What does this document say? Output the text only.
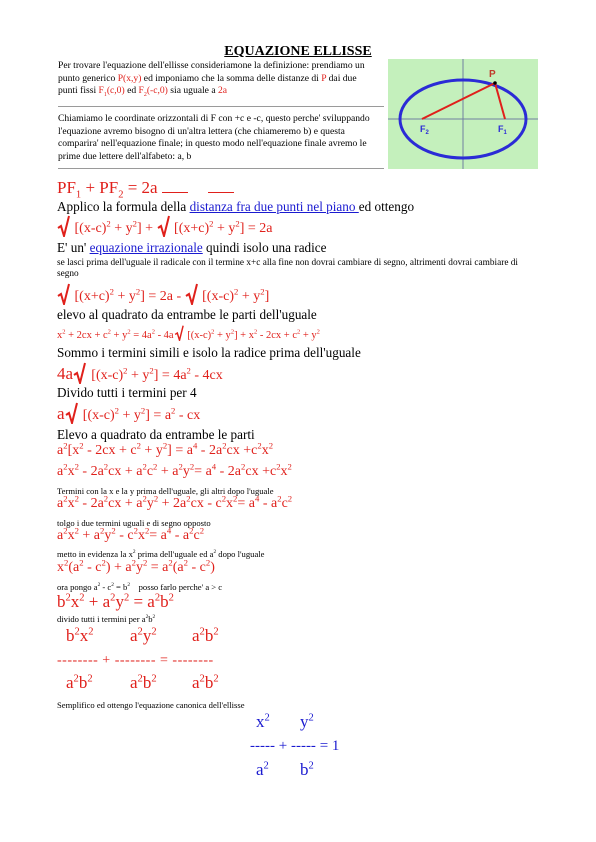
EQUAZIONE ELLISSE
Per trovare l'equazione dell'ellisse consideriamone la definizione: prendiamo un punto generico P(x,y) ed imponiamo che la somma delle distanze di P dai due punti fissi $F_1(c,0)$ ed $F_2(-c,0)$ sia uguale a 2a
Chiamiamo le coordinate orizzontali di F con +c e -c, questo perche' sviluppando l'equazione avremo bisogno di un'altra lettera (che chiameremo b) e questa comparira' nell'equazione finale; in questo modo nell'equazione finale avremo le prime due lettere dell'alfabeto: a, b
P
$F_2$	$F_1$
$PF_1 + PF_2 = 2a$
Applico la formula della distanza fra due punti nel piano ed ottengo
$[(x-c)^2 + y^2]$ +
$[(x+c)^2 + y^2] = 2a$
E' un' equazione irrazionale quindi isolo una radice
se lasci prima dell'uguale il radicale con il termine x+c alla fine non dovrai cambiare di segno, altrimenti dovrai cambiare di segno
$[(x+c)^2 + y^2] = 2a$ -
$[(x-c)^2 + y^2]$
elevo al quadrato da entrambe le parti dell'uguale
$x^2 + 2cx + c^2 + y^2 = 4a^2 - 4a$
$[(x-c)^2 + y^2] + x^2 - 2cx + c^2 + y^2$
Sommo i termini simili e isolo la radice prima dell'uguale
4a $[(x-c)^2 + y^2] = 4a^2 - 4cx$
Divido tutti i termini per 4
a $[(x-c)^2 + y^2] = a^2$ - cx
Elevo a quadrato da entrambe le parti
$a^2[x^2 - 2cx + c^2 + y^2] = a^4 - 2a^2cx +c^2x^2$
$a^2x^2 - 2a^2cx + a^2c^2 + a^2y^2= a^4 - 2a^2cx +c^2x^2$
Termini con la x e la y prima dell'uguale, gli altri dopo l'uguale
$a^2x^2 - 2a^2cx + a^2y^2 + 2a^2cx - c^2x^2= a^4 - a^2c^2$
tolgo i due termini uguali e di segno opposto
$a^2x^2 + a^2y^2 - c^2x^2= a^4 - a^2c^2$
metto in evidenza la $x^2$ prima dell'uguale ed $a^2$ dopo l'uguale
$x^2(a^2 - c^2) + a^2y^2 = a^2(a^2 - c^2)$
ora pongo $a^2 - c^2 = b^2$    posso farlo perche' a > c
$b^2x^2 + a^2y^2 = a^2b^2$
divido tutti i termini per $a^2b^2$
$b^2x^2$ $a^2y^2$ $a^2b^2$
-------- + -------- = --------
$a^2b^2$ $a^2b^2$ $a^2b^2$
Semplifico ed ottengo l'equazione canonica dell'ellisse
$x^2$ $y^2$
----- + ----- = 1
$a^2$ $b^2$
